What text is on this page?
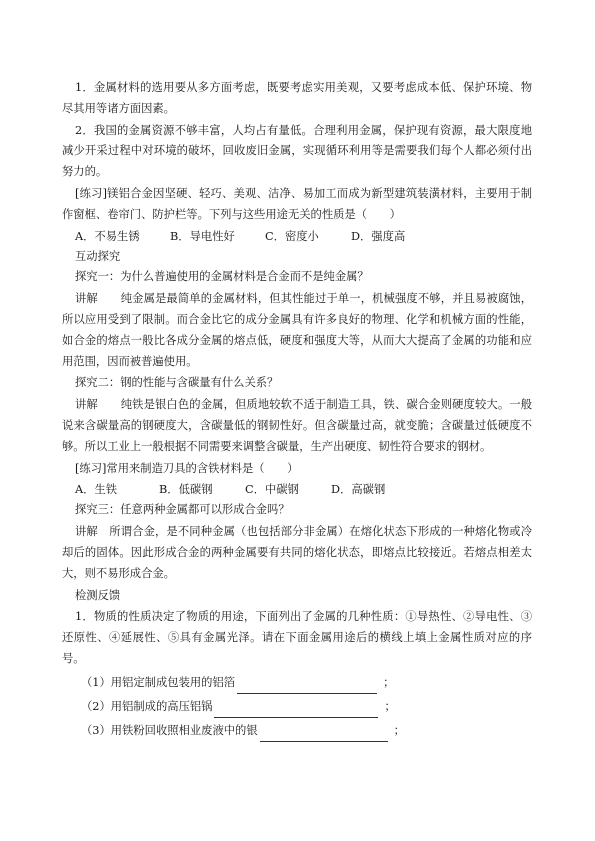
1．金属材料的选用要从多方面考虑，既要考虑实用美观，又要考虑成本低、保护环境、物尽其用等诸方面因素。

2．我国的金属资源不够丰富，人均占有量低。合理利用金属，保护现有资源，最大限度地减少开采过程中对环境的破坏，回收废旧金属，实现循环利用等是需要我们每个人都必须付出努力的。

[练习]镁铝合金因坚硬、轻巧、美观、洁净、易加工而成为新型建筑装潢材料，主要用于制作窗框、卷帘门、防护栏等。下列与这些用途无关的性质是（　　）

A．不易生锈	B．导电性好	C．密度小	D．强度高

互动探究

探究一：为什么普遍使用的金属材料是合金而不是纯金属？

讲解　　纯金属是最简单的金属材料，但其性能过于单一，机械强度不够，并且易被腐蚀，所以应用受到了限制。而合金比它的成分金属具有许多良好的物理、化学和机械方面的性能，如合金的熔点一般比各成分金属的熔点低，硬度和强度大等，从而大大提高了金属的功能和应用范围，因而被普遍使用。

探究二：钢的性能与含碳量有什么关系？

讲解　　纯铁是银白色的金属，但质地较软不适于制造工具，铁、碳合金则硬度较大。一般说来含碳量高的钢硬度大，含碳量低的钢韧性好。但含碳量过高，就变脆；含碳量过低硬度不够。所以工业上一般根据不同需要来调整含碳量，生产出硬度、韧性符合要求的钢材。

[练习]常用来制造刀具的含铁材料是（　　）

A．生铁	B．低碳钢	C．中碳钢	D．高碳钢

探究三：任意两种金属都可以形成合金吗？

讲解　所谓合金，是不同种金属（也包括部分非金属）在熔化状态下形成的一种熔化物或冷却后的固体。因此形成合金的两种金属要有共同的熔化状态，即熔点比较接近。若熔点相差太大，则不易形成合金。

检测反馈

1．物质的性质决定了物质的用途，下面列出了金属的几种性质：①导热性、②导电性、③还原性、④延展性、⑤具有金属光泽。请在下面金属用途后的横线上填上金属性质对应的序号。

（1）用铝定制成包装用的铝箔	；
（2）用铝制成的高压铝锅	；
（3）用铁粉回收照相业废液中的银	；
